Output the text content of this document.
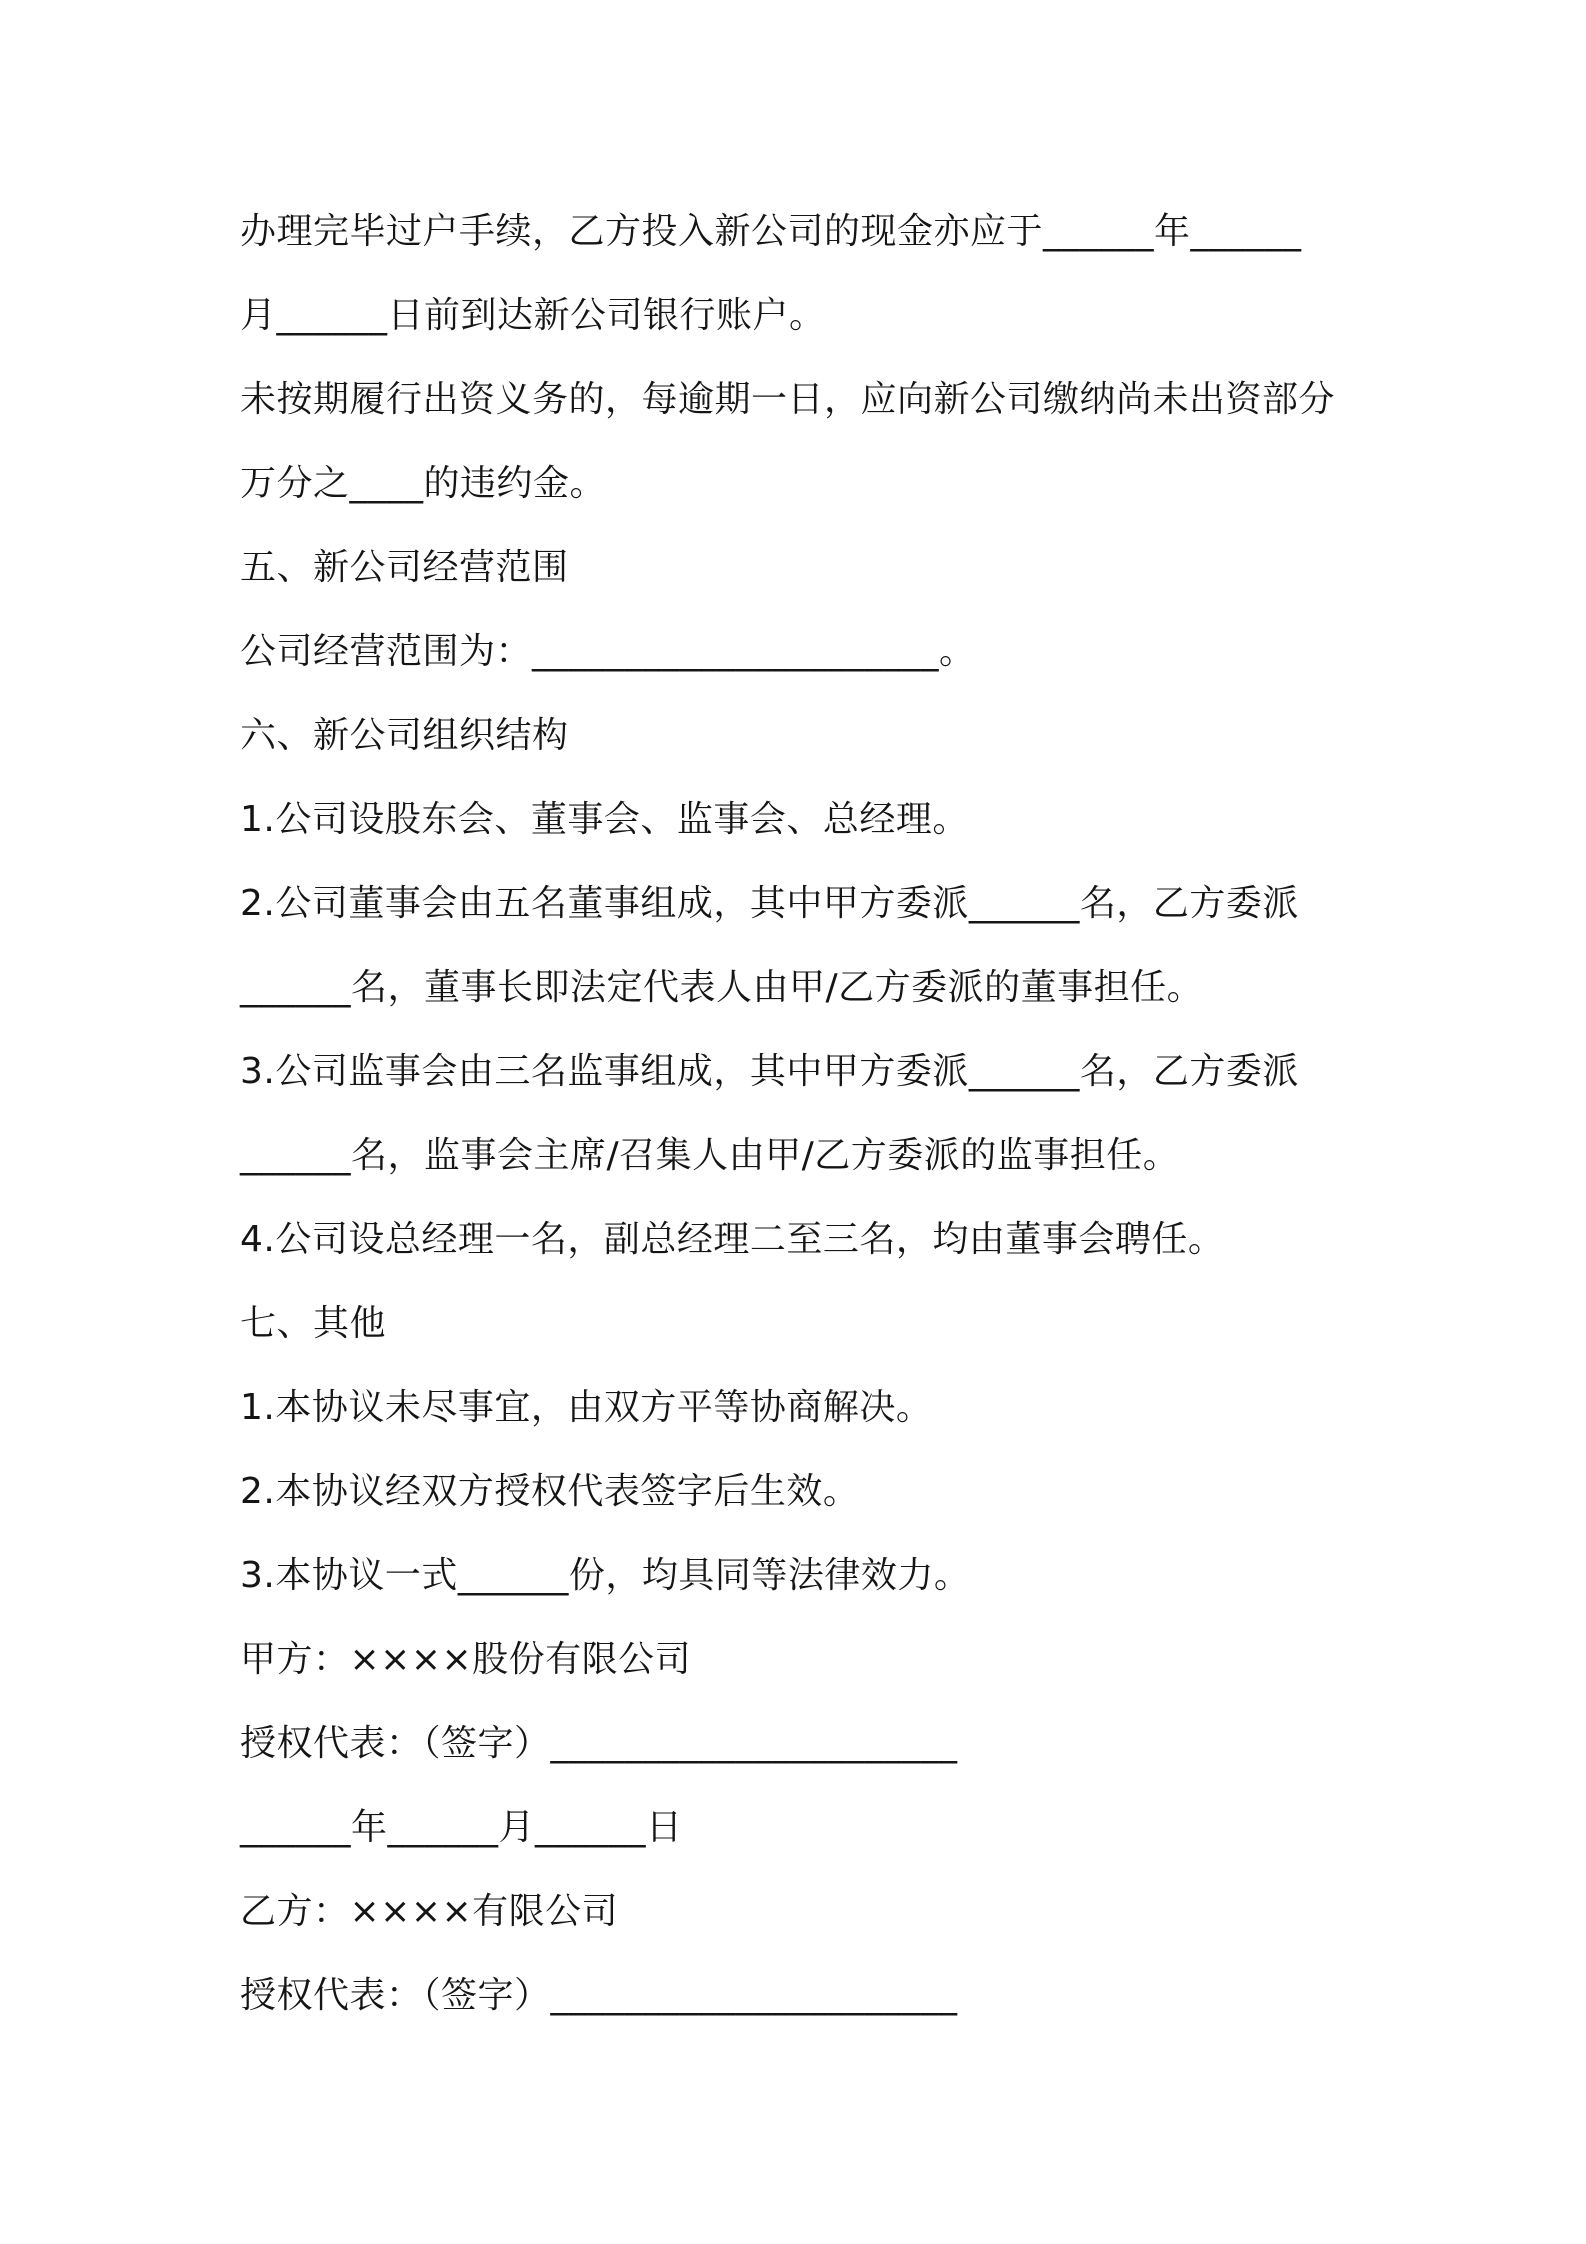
办理完毕过户手续，乙方投入新公司的现金亦应于______年______
月______日前到达新公司银行账户。
未按期履行出资义务的，每逾期一日，应向新公司缴纳尚未出资部分
万分之____的违约金。
五、新公司经营范围
公司经营范围为：______________________。
六、新公司组织结构
1.公司设股东会、董事会、监事会、总经理。
2.公司董事会由五名董事组成，其中甲方委派______名，乙方委派
______名，董事长即法定代表人由甲/乙方委派的董事担任。
3.公司监事会由三名监事组成，其中甲方委派______名，乙方委派
______名，监事会主席/召集人由甲/乙方委派的监事担任。
4.公司设总经理一名，副总经理二至三名，均由董事会聘任。
七、其他
1.本协议未尽事宜，由双方平等协商解决。
2.本协议经双方授权代表签字后生效。
3.本协议一式______份，均具同等法律效力。
甲方：××××股份有限公司
授权代表：（签字）______________________
______年______月______日
乙方：××××有限公司
授权代表：（签字）______________________
